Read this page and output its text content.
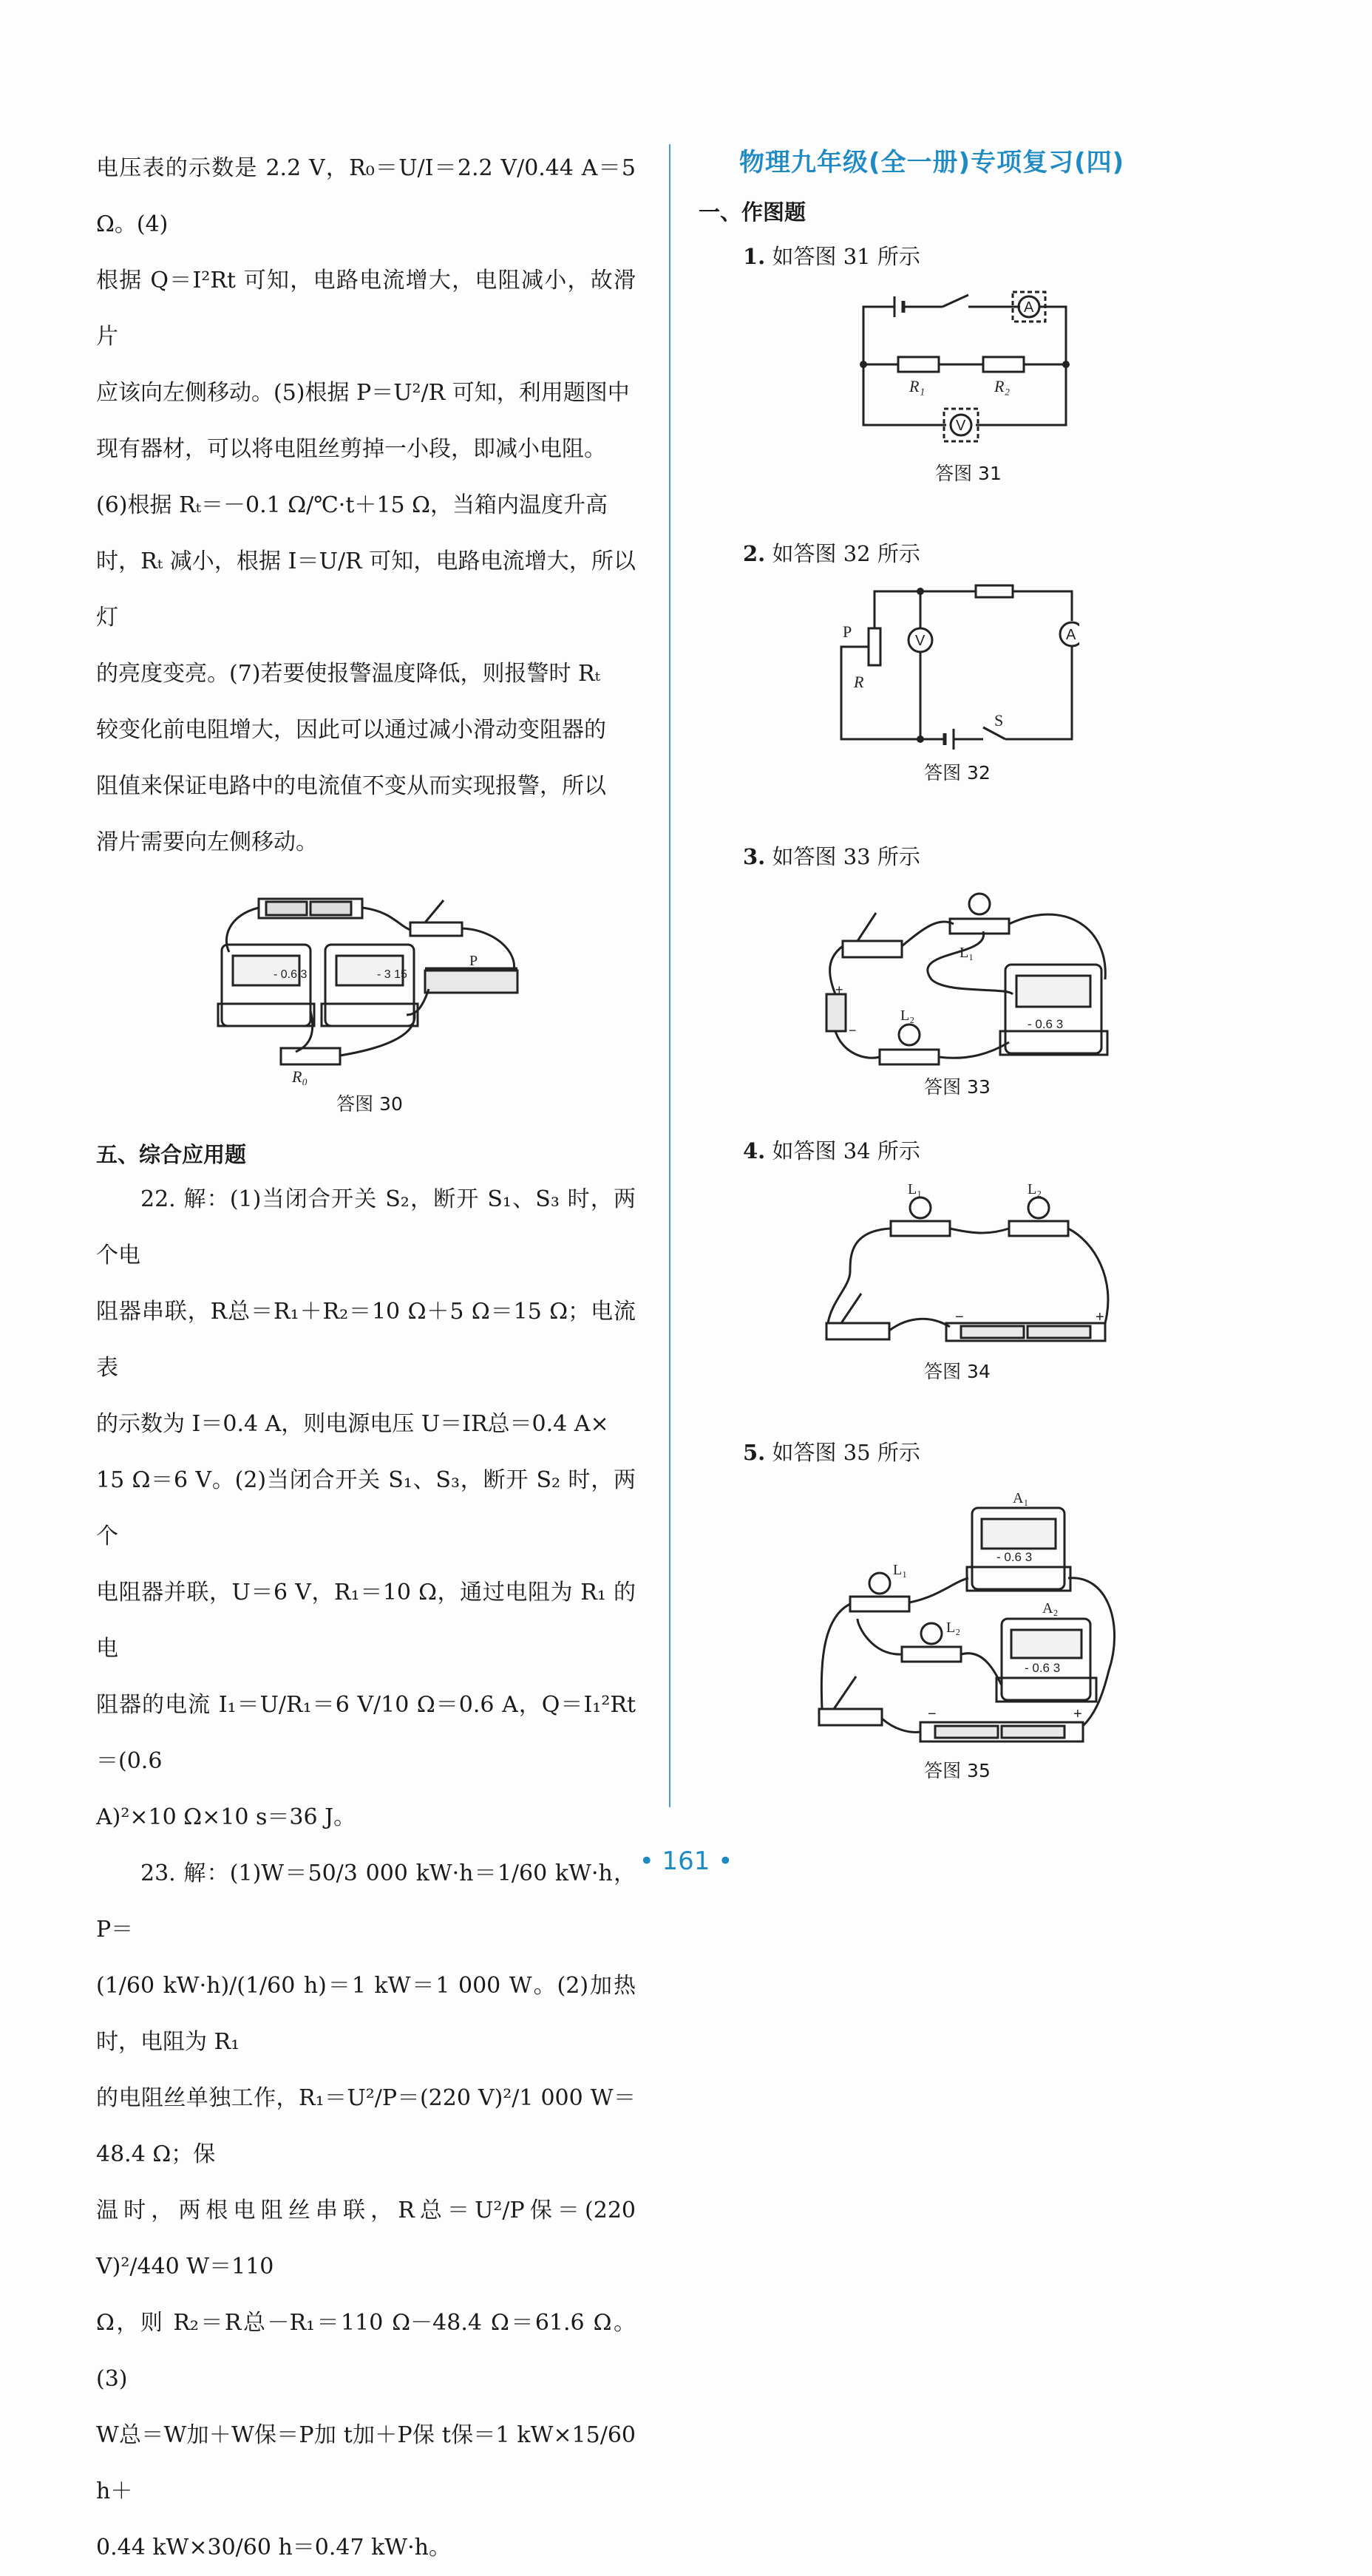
电压表的示数是 2.2 V，R₀＝U/I＝2.2 V/0.44 A＝5 Ω。(4)

根据 Q＝I²Rt 可知，电路电流增大，电阻减小，故滑片

应该向左侧移动。(5)根据 P＝U²/R 可知，利用题图中

现有器材，可以将电阻丝剪掉一小段，即减小电阻。

(6)根据 Rₜ＝－0.1 Ω/℃·t＋15 Ω，当箱内温度升高

时，Rₜ 减小，根据 I＝U/R 可知，电路电流增大，所以灯

的亮度变亮。(7)若要使报警温度降低，则报警时 Rₜ

较变化前电阻增大，因此可以通过减小滑动变阻器的

阻值来保证电路中的电流值不变从而实现报警，所以

滑片需要向左侧移动。

- 0.6 3	- 3 15
P
R₀

答图 30

五、综合应用题

22. 解：(1)当闭合开关 S₂，断开 S₁、S₃ 时，两个电

阻器串联，R总＝R₁＋R₂＝10 Ω＋5 Ω＝15 Ω；电流表

的示数为 I＝0.4 A，则电源电压 U＝IR总＝0.4 A×

15 Ω＝6 V。(2)当闭合开关 S₁、S₃，断开 S₂ 时，两个

电阻器并联，U＝6 V，R₁＝10 Ω，通过电阻为 R₁ 的电

阻器的电流 I₁＝U/R₁＝6 V/10 Ω＝0.6 A，Q＝I₁²Rt＝(0.6

A)²×10 Ω×10 s＝36 J。

23. 解：(1)W＝50/3 000 kW·h＝1/60 kW·h，P＝

(1/60 kW·h)/(1/60 h)＝1 kW＝1 000 W。(2)加热时，电阻为 R₁

的电阻丝单独工作，R₁＝U²/P＝(220 V)²/1 000 W＝48.4 Ω；保

温时，两根电阻丝串联，R总＝U²/P保＝(220 V)²/440 W＝110

Ω，则 R₂＝R总－R₁＝110 Ω－48.4 Ω＝61.6 Ω。(3)

W总＝W加＋W保＝P加 t加＋P保 t保＝1 kW×15/60 h＋

0.44 kW×30/60 h＝0.47 kW·h。

物理九年级(全一册)专项复习(四)

一、作图题

1. 如答图 31 所示

A
V
R₁	R₂

答图 31

2. 如答图 32 所示

P
R
V	A
S

答图 32

3. 如答图 33 所示

L₁
L₂
+
−	- 0.6 3

答图 33

4. 如答图 34 所示

L₁	L₂
−	+

答图 34

5. 如答图 35 所示

A₁
A₂
L₁
L₂
−	+
- 0.6 3
- 0.6 3

答图 35

• 161 •
